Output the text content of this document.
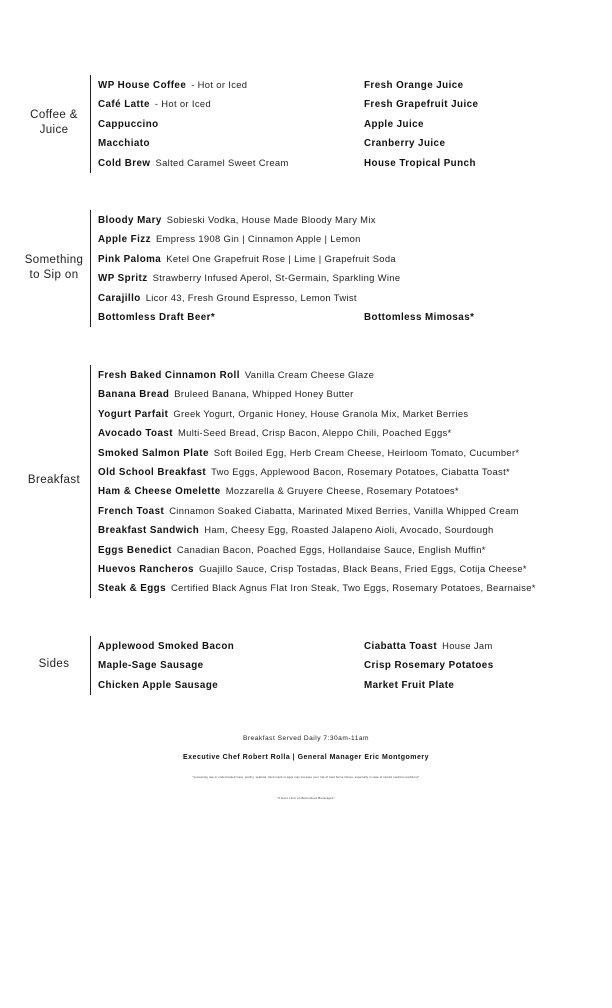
Coffee &
Juice
WP House Coffee - Hot or Iced
Café Latte - Hot or Iced
Cappuccino
Macchiato
Cold Brew Salted Caramel Sweet Cream
Fresh Orange Juice
Fresh Grapefruit Juice
Apple Juice
Cranberry Juice
House Tropical Punch
Something
to Sip on
Bloody Mary Sobieski Vodka, House Made Bloody Mary Mix
Apple Fizz Empress 1908 Gin | Cinnamon Apple | Lemon
Pink Paloma Ketel One Grapefruit Rose | Lime | Grapefruit Soda
WP Spritz Strawberry Infused Aperol, St-Germain, Sparkling Wine
Carajillo Licor 43, Fresh Ground Espresso, Lemon Twist
Bottomless Draft Beer*	Bottomless Mimosas*
Breakfast
Fresh Baked Cinnamon Roll Vanilla Cream Cheese Glaze
Banana Bread Bruleed Banana, Whipped Honey Butter
Yogurt Parfait Greek Yogurt, Organic Honey, House Granola Mix, Market Berries
Avocado Toast Multi-Seed Bread, Crisp Bacon, Aleppo Chili, Poached Eggs*
Smoked Salmon Plate Soft Boiled Egg, Herb Cream Cheese, Heirloom Tomato, Cucumber*
Old School Breakfast Two Eggs, Applewood Bacon, Rosemary Potatoes, Ciabatta Toast*
Ham & Cheese Omelette Mozzarella & Gruyere Cheese, Rosemary Potatoes*
French Toast Cinnamon Soaked Ciabatta, Marinated Mixed Berries, Vanilla Whipped Cream
Breakfast Sandwich Ham, Cheesy Egg, Roasted Jalapeno Aioli, Avocado, Sourdough
Eggs Benedict Canadian Bacon, Poached Eggs, Hollandaise Sauce, English Muffin*
Huevos Rancheros Guajillo Sauce, Crisp Tostadas, Black Beans, Fried Eggs, Cotija Cheese*
Steak & Eggs Certified Black Agnus Flat Iron Steak, Two Eggs, Rosemary Potatoes, Bearnaise*
Sides
Applewood Smoked Bacon
Maple-Sage Sausage
Chicken Apple Sausage
Ciabatta Toast House Jam
Crisp Rosemary Potatoes
Market Fruit Plate
Breakfast Served Daily 7:30am-11am
Executive Chef Robert Rolla | General Manager Eric Montgomery
*consuming raw or undercooked meat, poultry, seafood, shell stock or eggs may increase your risk of food borne illness, especially in case of certain medical conditions*
*2 Hour Limit on Bottomless Beverages*
